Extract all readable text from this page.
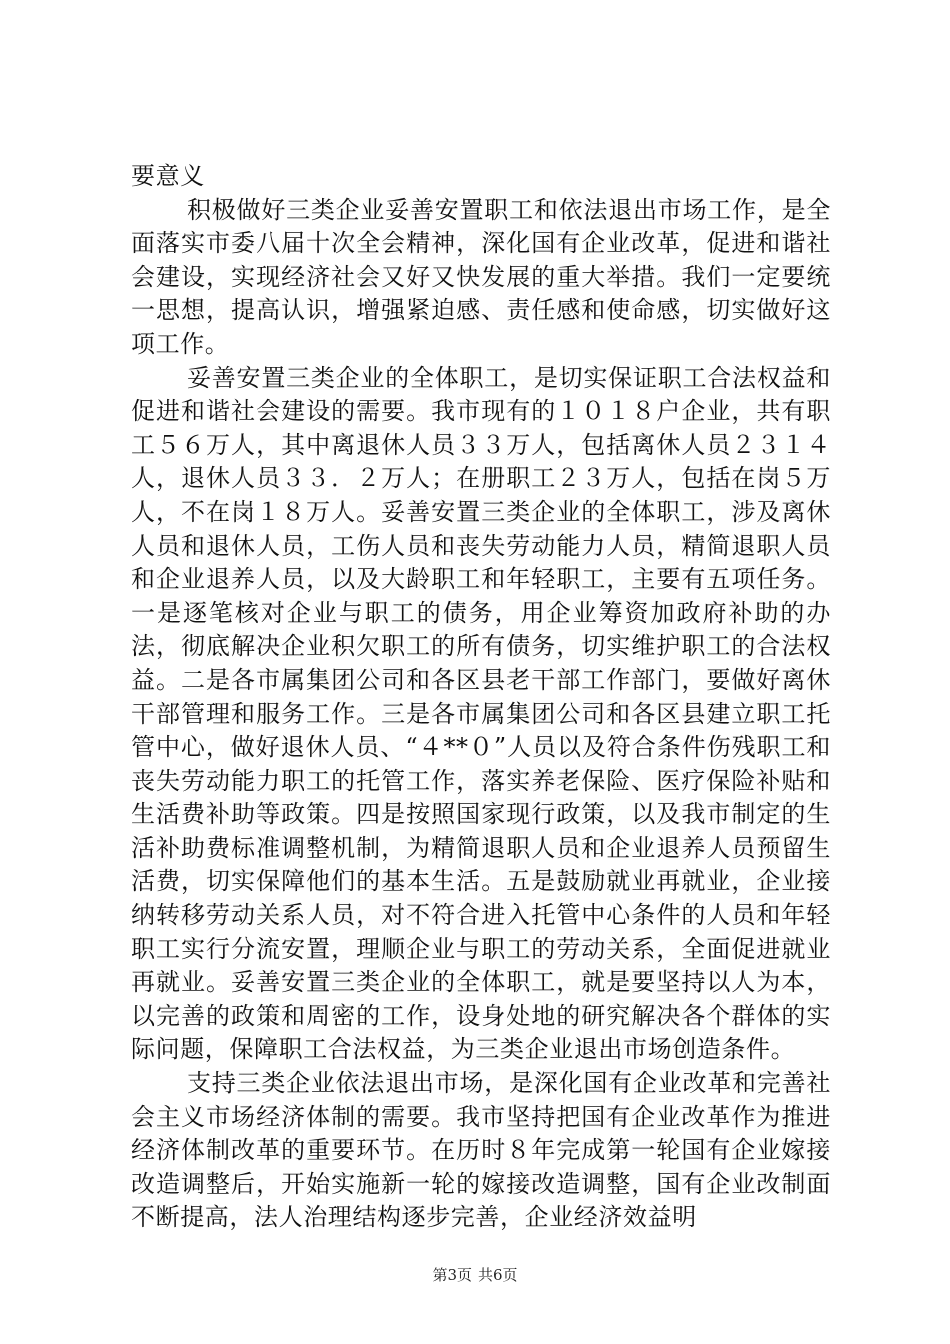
要意义

积极做好三类企业妥善安置职工和依法退出市场工作，是全面落实市委八届十次全会精神，深化国有企业改革，促进和谐社会建设，实现经济社会又好又快发展的重大举措。我们一定要统一思想，提高认识，增强紧迫感、责任感和使命感，切实做好这项工作。

妥善安置三类企业的全体职工，是切实保证职工合法权益和促进和谐社会建设的需要。我市现有的１０１８户企业，共有职工５６万人，其中离退休人员３３万人，包括离休人员２３１４人，退休人员３３．２万人；在册职工２３万人，包括在岗５万人，不在岗１８万人。妥善安置三类企业的全体职工，涉及离休人员和退休人员，工伤人员和丧失劳动能力人员，精简退职人员和企业退养人员，以及大龄职工和年轻职工，主要有五项任务。一是逐笔核对企业与职工的债务，用企业筹资加政府补助的办法，彻底解决企业积欠职工的所有债务，切实维护职工的合法权益。二是各市属集团公司和各区县老干部工作部门，要做好离休干部管理和服务工作。三是各市属集团公司和各区县建立职工托管中心，做好退休人员、“４**０”人员以及符合条件伤残职工和丧失劳动能力职工的托管工作，落实养老保险、医疗保险补贴和生活费补助等政策。四是按照国家现行政策，以及我市制定的生活补助费标准调整机制，为精简退职人员和企业退养人员预留生活费，切实保障他们的基本生活。五是鼓励就业再就业，企业接纳转移劳动关系人员，对不符合进入托管中心条件的人员和年轻职工实行分流安置，理顺企业与职工的劳动关系，全面促进就业再就业。妥善安置三类企业的全体职工，就是要坚持以人为本，以完善的政策和周密的工作，设身处地的研究解决各个群体的实际问题，保障职工合法权益，为三类企业退出市场创造条件。

支持三类企业依法退出市场，是深化国有企业改革和完善社会主义市场经济体制的需要。我市坚持把国有企业改革作为推进经济体制改革的重要环节。在历时８年完成第一轮国有企业嫁接改造调整后，开始实施新一轮的嫁接改造调整，国有企业改制面不断提高，法人治理结构逐步完善，企业经济效益明

第3页 共6页
